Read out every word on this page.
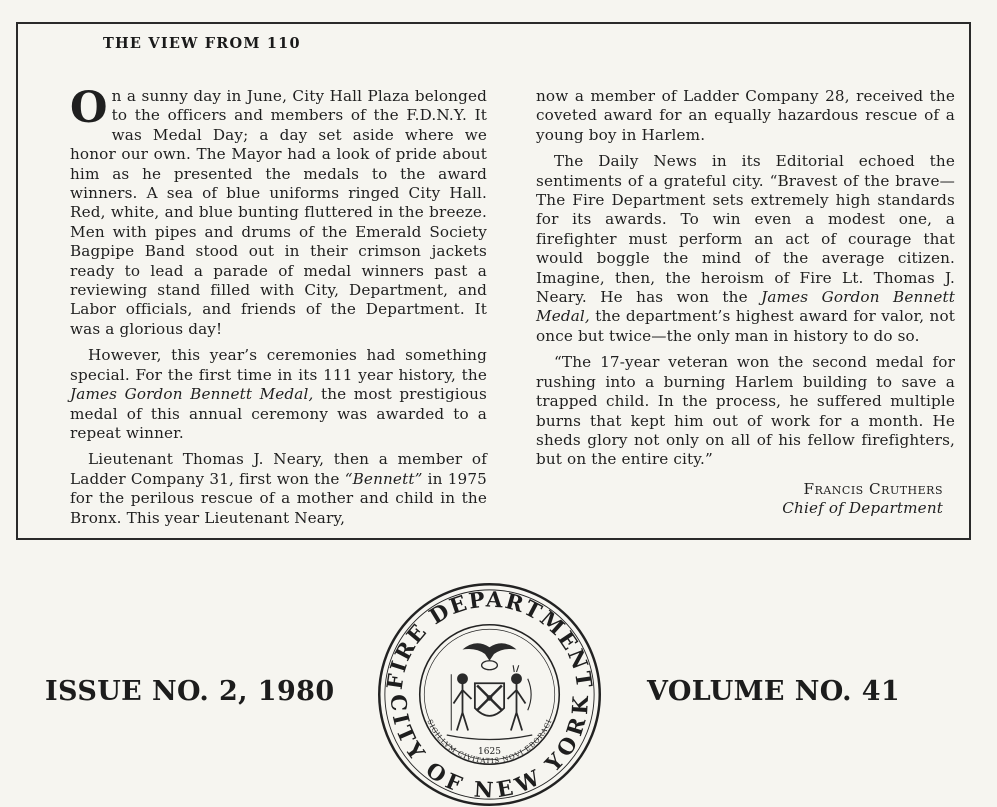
THE VIEW FROM 110

On a sunny day in June, City Hall Plaza belonged to the officers and members of the F.D.N.Y. It was Medal Day; a day set aside where we honor our own. The Mayor had a look of pride about him as he presented the medals to the award winners. A sea of blue uniforms ringed City Hall. Red, white, and blue bunting fluttered in the breeze. Men with pipes and drums of the Emerald Society Bagpipe Band stood out in their crimson jackets ready to lead a parade of medal winners past a reviewing stand filled with City, Department, and Labor officials, and friends of the Department. It was a glorious day!

However, this year’s ceremonies had something special. For the first time in its 111 year history, the James Gordon Bennett Medal, the most prestigious medal of this annual ceremony was awarded to a repeat winner.

Lieutenant Thomas J. Neary, then a member of Ladder Company 31, first won the “Bennett” in 1975 for the perilous rescue of a mother and child in the Bronx. This year Lieutenant Neary,

now a member of Ladder Company 28, received the coveted award for an equally hazardous rescue of a young boy in Harlem.

The Daily News in its Editorial echoed the sentiments of a grateful city. “Bravest of the brave—The Fire Department sets extremely high standards for its awards. To win even a modest one, a firefighter must perform an act of courage that would boggle the mind of the average citizen. Imagine, then, the heroism of Fire Lt. Thomas J. Neary. He has won the James Gordon Bennett Medal, the department’s highest award for valor, not once but twice—the only man in history to do so.

“The 17-year veteran won the second medal for rushing into a burning Harlem building to save a trapped child. In the process, he suffered multiple burns that kept him out of work for a month. He sheds glory not only on all of his fellow firefighters, but on the entire city.”

Francis Cruthers
Chief of Department
ISSUE NO. 2, 1980	VOLUME NO. 41
FIRE DEPARTMENT
CITY OF NEW YORK
SIGILLVM CIVITATIS NOVI EBORACI
1625
